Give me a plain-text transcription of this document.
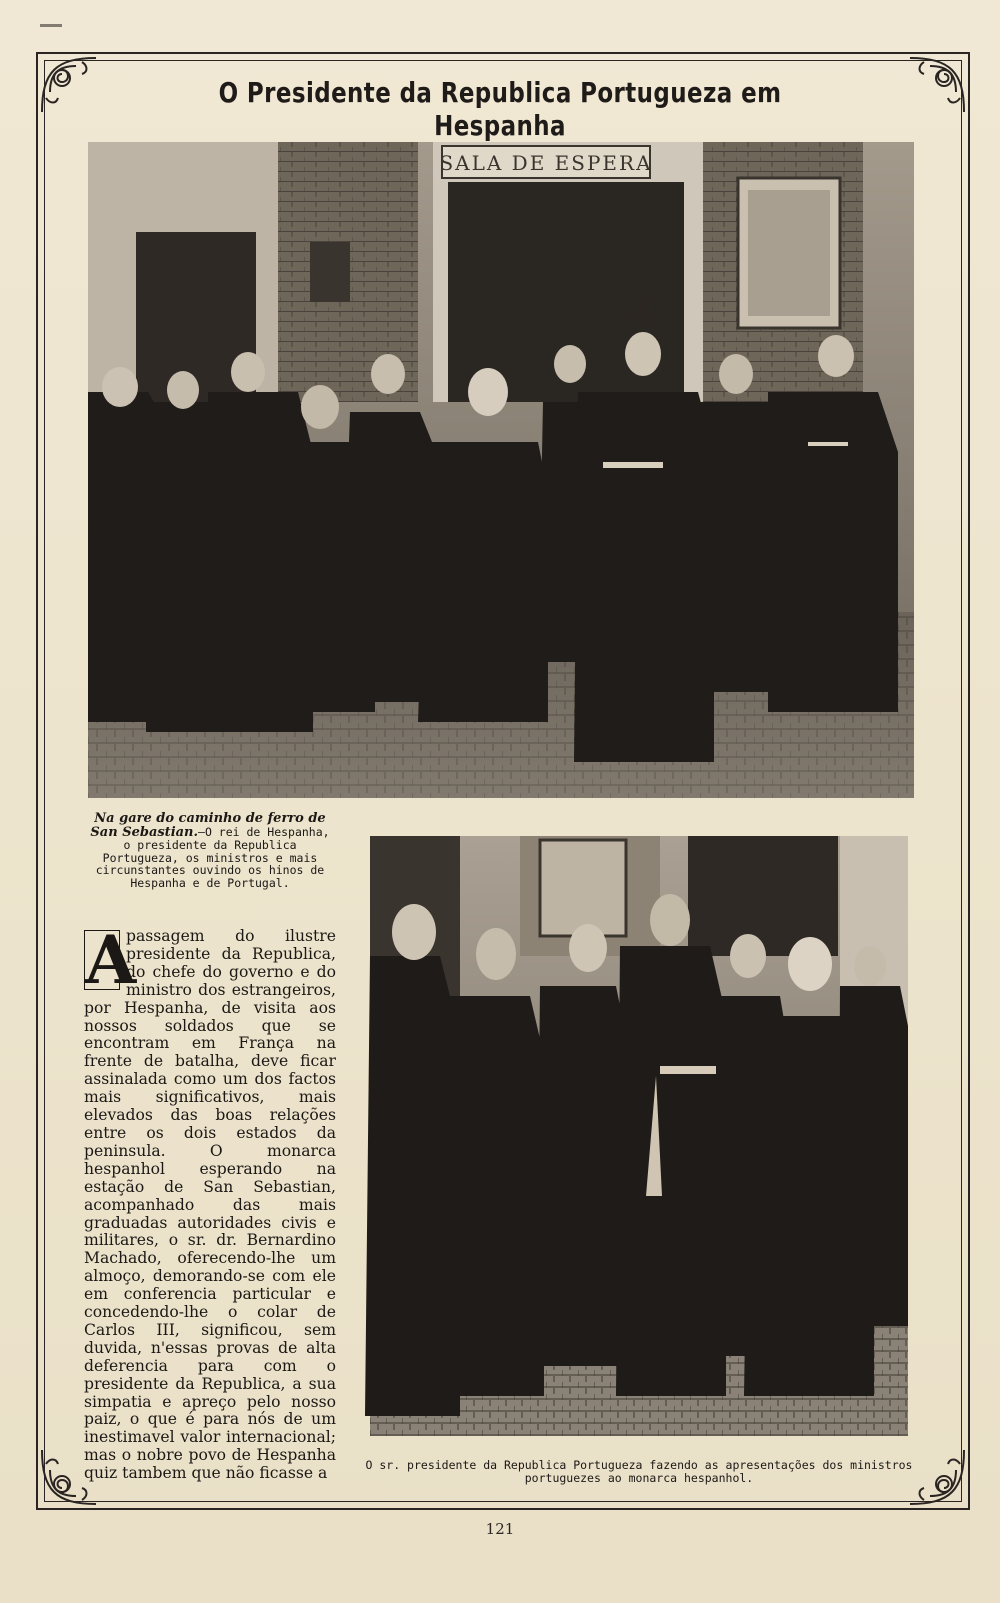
O Presidente da Republica Portugueza em Hespanha
SALA DE ESPERA
Na gare do caminho de ferro de San Sebastian.—O rei de Hespanha, o presidente da Republica Portugueza, os ministros e mais circunstantes ouvindo os hinos de Hespanha e de Portugal.
A
passagem do ilustre presidente da Republica, do chefe do governo e do ministro dos estrangeiros, por Hespanha, de visita aos nossos soldados que se encontram em França na frente de batalha, deve ficar assinalada como um dos factos mais significativos, mais elevados das boas relações entre os dois estados da peninsula. O monarca hespanhol esperando na estação de San Sebastian, acompanhado das mais graduadas autoridades civis e militares, o sr. dr. Bernardino Machado, oferecendo-lhe um almoço, demorando-se com ele em conferencia particular e concedendo-lhe o colar de Carlos III, significou, sem duvida, n'essas provas de alta deferencia para com o presidente da Republica, a sua simpatia e apreço pelo nosso paiz, o que é para nós de um inestimavel valor internacional; mas o nobre povo de Hespanha quiz tambem que não ficasse a	O sr. presidente da Republica Portugueza fazendo as apresentações dos ministros portuguezes ao monarca hespanhol.
121
